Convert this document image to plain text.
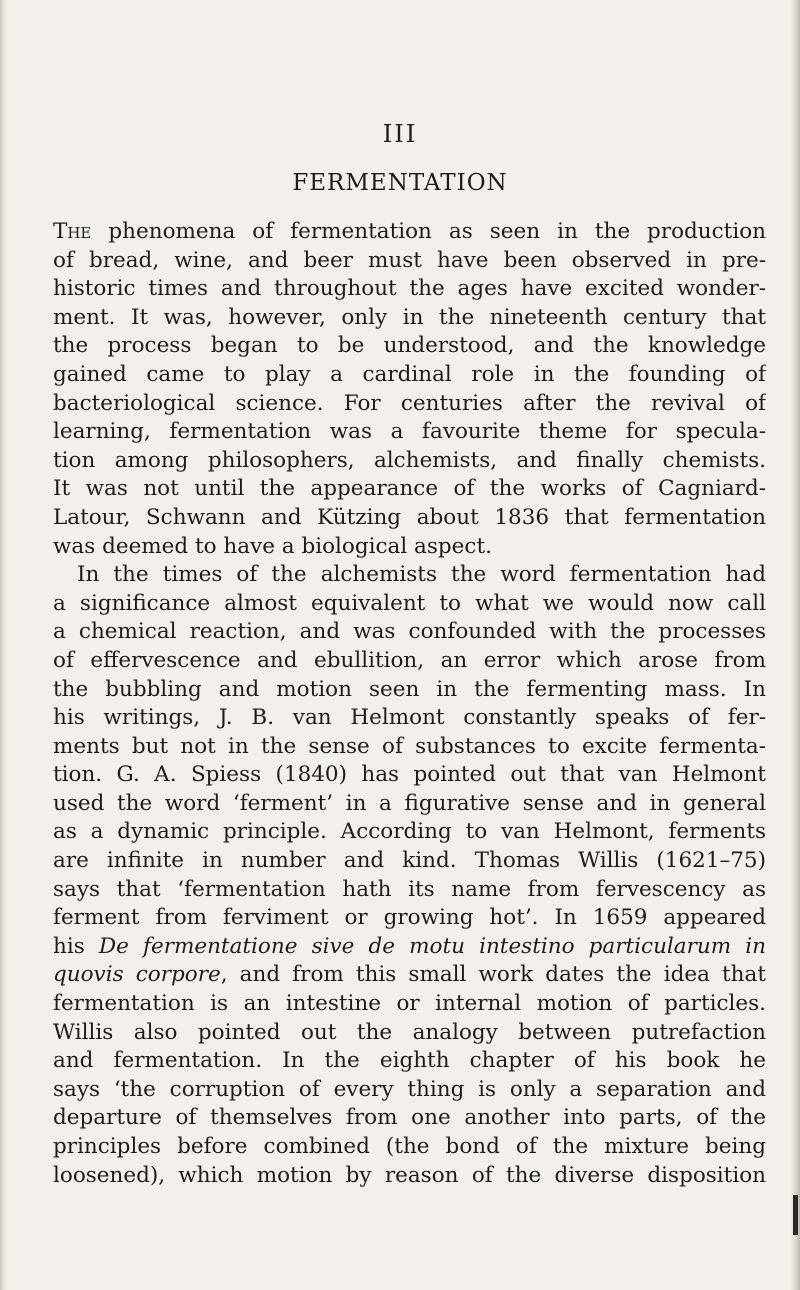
III
FERMENTATION
The phenomena of fermentation as seen in the production
of bread, wine, and beer must have been observed in pre-
historic times and throughout the ages have excited wonder-
ment. It was, however, only in the nineteenth century that
the process began to be understood, and the knowledge
gained came to play a cardinal role in the founding of
bacteriological science. For centuries after the revival of
learning, fermentation was a favourite theme for specula-
tion among philosophers, alchemists, and finally chemists.
It was not until the appearance of the works of Cagniard-
Latour, Schwann and Kützing about 1836 that fermentation
was deemed to have a biological aspect.
In the times of the alchemists the word fermentation had
a significance almost equivalent to what we would now call
a chemical reaction, and was confounded with the processes
of effervescence and ebullition, an error which arose from
the bubbling and motion seen in the fermenting mass. In
his writings, J. B. van Helmont constantly speaks of fer-
ments but not in the sense of substances to excite fermenta-
tion. G. A. Spiess (1840) has pointed out that van Helmont
used the word ‘ferment’ in a figurative sense and in general
as a dynamic principle. According to van Helmont, ferments
are infinite in number and kind. Thomas Willis (1621–75)
says that ‘fermentation hath its name from fervescency as
ferment from ferviment or growing hot’. In 1659 appeared
his De fermentatione sive de motu intestino particularum in
quovis corpore, and from this small work dates the idea that
fermentation is an intestine or internal motion of particles.
Willis also pointed out the analogy between putrefaction
and fermentation. In the eighth chapter of his book he
says ‘the corruption of every thing is only a separation and
departure of themselves from one another into parts, of the
principles before combined (the bond of the mixture being
loosened), which motion by reason of the diverse disposition
